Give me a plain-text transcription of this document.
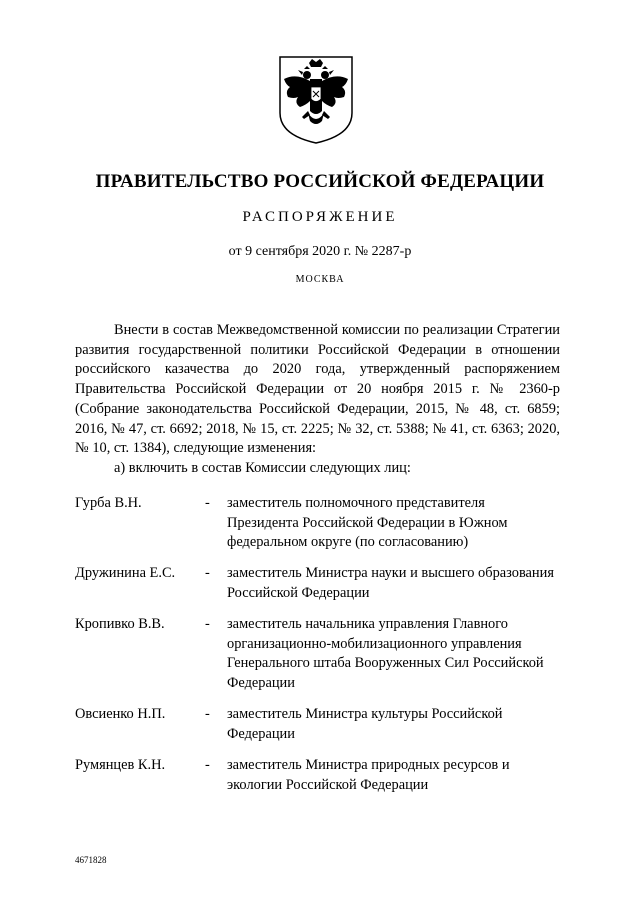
ПРАВИТЕЛЬСТВО РОССИЙСКОЙ ФЕДЕРАЦИИ
РАСПОРЯЖЕНИЕ
от 9 сентября 2020 г. № 2287-р
МОСКВА

Внести в состав Межведомственной комиссии по реализации Стратегии развития государственной политики Российской Федерации в отношении российского казачества до 2020 года, утвержденный распоряжением Правительства Российской Федерации от 20 ноября 2015 г. № 2360-р (Собрание законодательства Российской Федерации, 2015, № 48, ст. 6859; 2016, № 47, ст. 6692; 2018, № 15, ст. 2225; № 32, ст. 5388; № 41, ст. 6363; 2020, № 10, ст. 1384), следующие изменения:

а) включить в состав Комиссии следующих лиц:
Гурба В.Н.	- заместитель полномочного представителя Президента Российской Федерации в Южном федеральном округе (по согласованию)
Дружинина Е.С. - заместитель Министра науки и высшего образования Российской Федерации
Кропивко В.В.	- заместитель начальника управления Главного организационно-мобилизационного управления Генерального штаба Вооруженных Сил Российской Федерации
Овсиенко Н.П.	- заместитель Министра культуры Российской Федерации
Румянцев К.Н.	- заместитель Министра природных ресурсов и экологии Российской Федерации
4671828
